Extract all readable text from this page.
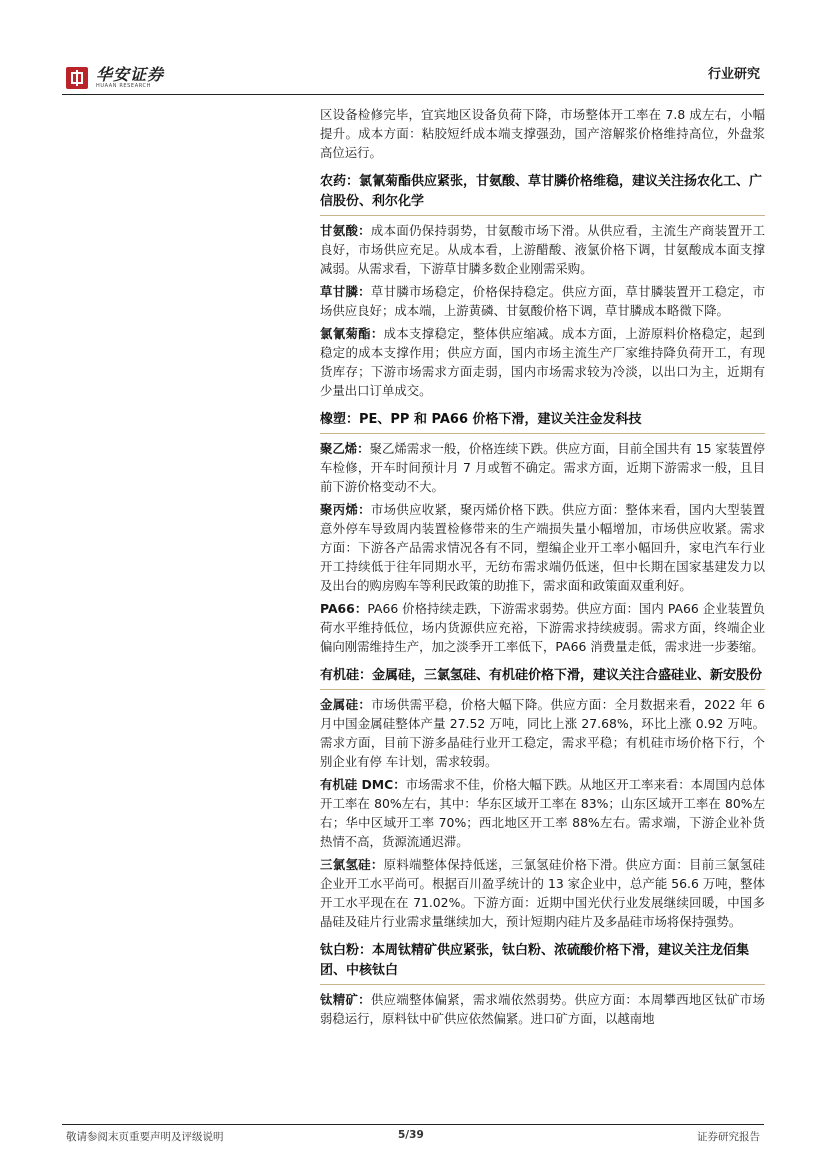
华安证券
HUAAN RESEARCH
行业研究

区设备检修完毕，宜宾地区设备负荷下降，市场整体开工率在 7.8 成左右，小幅提升。成本方面：粘胶短纤成本端支撑强劲，国产溶解浆价格维持高位，外盘浆高位运行。

农药：氯氰菊酯供应紧张，甘氨酸、草甘膦价格维稳，建议关注扬农化工、广信股份、利尔化学

甘氨酸：成本面仍保持弱势，甘氨酸市场下滑。从供应看，主流生产商装置开工良好，市场供应充足。从成本看，上游醋酸、液氯价格下调，甘氨酸成本面支撑减弱。从需求看，下游草甘膦多数企业刚需采购。

草甘膦：草甘膦市场稳定，价格保持稳定。供应方面，草甘膦装置开工稳定，市场供应良好；成本端，上游黄磷、甘氨酸价格下调，草甘膦成本略微下降。

氯氰菊酯：成本支撑稳定，整体供应缩减。成本方面，上游原料价格稳定，起到稳定的成本支撑作用；供应方面，国内市场主流生产厂家维持降负荷开工，有现货库存；下游市场需求方面走弱，国内市场需求较为冷淡，以出口为主，近期有少量出口订单成交。

橡塑：PE、PP 和 PA66 价格下滑，建议关注金发科技

聚乙烯：聚乙烯需求一般，价格连续下跌。供应方面，目前全国共有 15 家装置停车检修，开车时间预计月 7 月或暂不确定。需求方面，近期下游需求一般，且目前下游价格变动不大。

聚丙烯：市场供应收紧，聚丙烯价格下跌。供应方面：整体来看，国内大型装置意外停车导致周内装置检修带来的生产端损失量小幅增加，市场供应收紧。需求方面：下游各产品需求情况各有不同，塑编企业开工率小幅回升，家电汽车行业开工持续低于往年同期水平，无纺布需求端仍低迷，但中长期在国家基建发力以及出台的购房购车等利民政策的助推下，需求面和政策面双重利好。

PA66：PA66 价格持续走跌，下游需求弱势。供应方面：国内 PA66 企业装置负荷水平维持低位，场内货源供应充裕，下游需求持续疲弱。需求方面，终端企业偏向刚需维持生产，加之淡季开工率低下，PA66 消费量走低，需求进一步萎缩。

有机硅：金属硅，三氯氢硅、有机硅价格下滑，建议关注合盛硅业、新安股份

金属硅：市场供需平稳，价格大幅下降。供应方面：全月数据来看，2022 年 6 月中国金属硅整体产量 27.52 万吨，同比上涨 27.68%，环比上涨 0.92 万吨。需求方面，目前下游多晶硅行业开工稳定，需求平稳；有机硅市场价格下行，个别企业有停 车计划，需求较弱。

有机硅 DMC：市场需求不佳，价格大幅下跌。从地区开工率来看：本周国内总体开工率在 80%左右，其中：华东区域开工率在 83%；山东区域开工率在 80%左右；华中区域开工率 70%；西北地区开工率 88%左右。需求端，下游企业补货热情不高，货源流通迟滞。

三氯氢硅：原料端整体保持低迷，三氯氢硅价格下滑。供应方面：目前三氯氢硅企业开工水平尚可。根据百川盈孚统计的 13 家企业中，总产能 56.6 万吨，整体开工水平现在在 71.02%。下游方面：近期中国光伏行业发展继续回暖，中国多晶硅及硅片行业需求量继续加大，预计短期内硅片及多晶硅市场将保持强势。

钛白粉：本周钛精矿供应紧张，钛白粉、浓硫酸价格下滑，建议关注龙佰集团、中核钛白

钛精矿：供应端整体偏紧，需求端依然弱势。供应方面：本周攀西地区钛矿市场弱稳运行，原料钛中矿供应依然偏紧。进口矿方面，以越南地

敬请参阅末页重要声明及评级说明	5/39	证券研究报告
